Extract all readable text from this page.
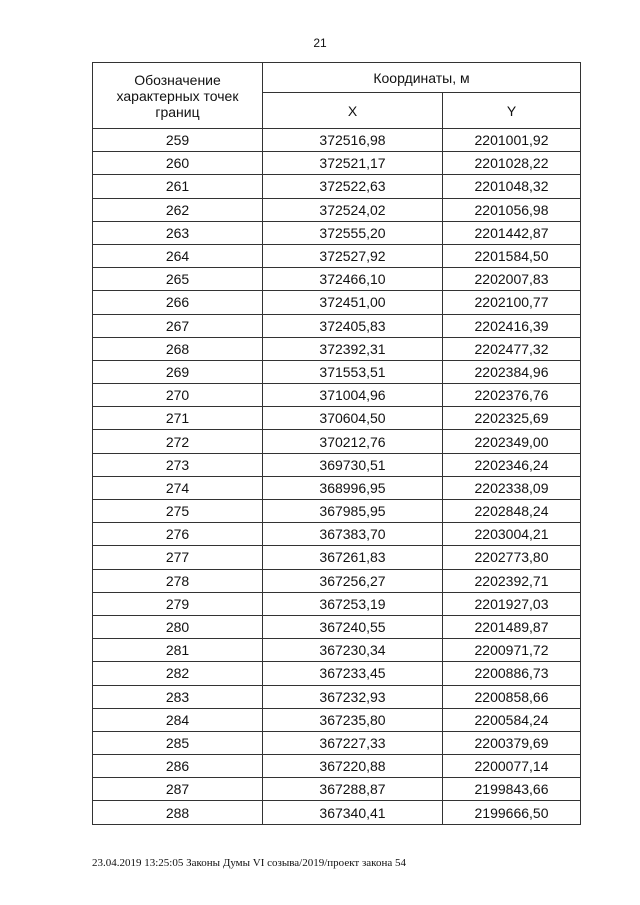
21
Обозначение характерных точек границ	Координаты, м	
	X	Y
259	372516,98	2201001,92
260	372521,17	2201028,22
261	372522,63	2201048,32
262	372524,02	2201056,98
263	372555,20	2201442,87
264	372527,92	2201584,50
265	372466,10	2202007,83
266	372451,00	2202100,77
267	372405,83	2202416,39
268	372392,31	2202477,32
269	371553,51	2202384,96
270	371004,96	2202376,76
271	370604,50	2202325,69
272	370212,76	2202349,00
273	369730,51	2202346,24
274	368996,95	2202338,09
275	367985,95	2202848,24
276	367383,70	2203004,21
277	367261,83	2202773,80
278	367256,27	2202392,71
279	367253,19	2201927,03
280	367240,55	2201489,87
281	367230,34	2200971,72
282	367233,45	2200886,73
283	367232,93	2200858,66
284	367235,80	2200584,24
285	367227,33	2200379,69
286	367220,88	2200077,14
287	367288,87	2199843,66
288	367340,41	2199666,50
23.04.2019 13:25:05 Законы Думы VI созыва/2019/проект закона 54
